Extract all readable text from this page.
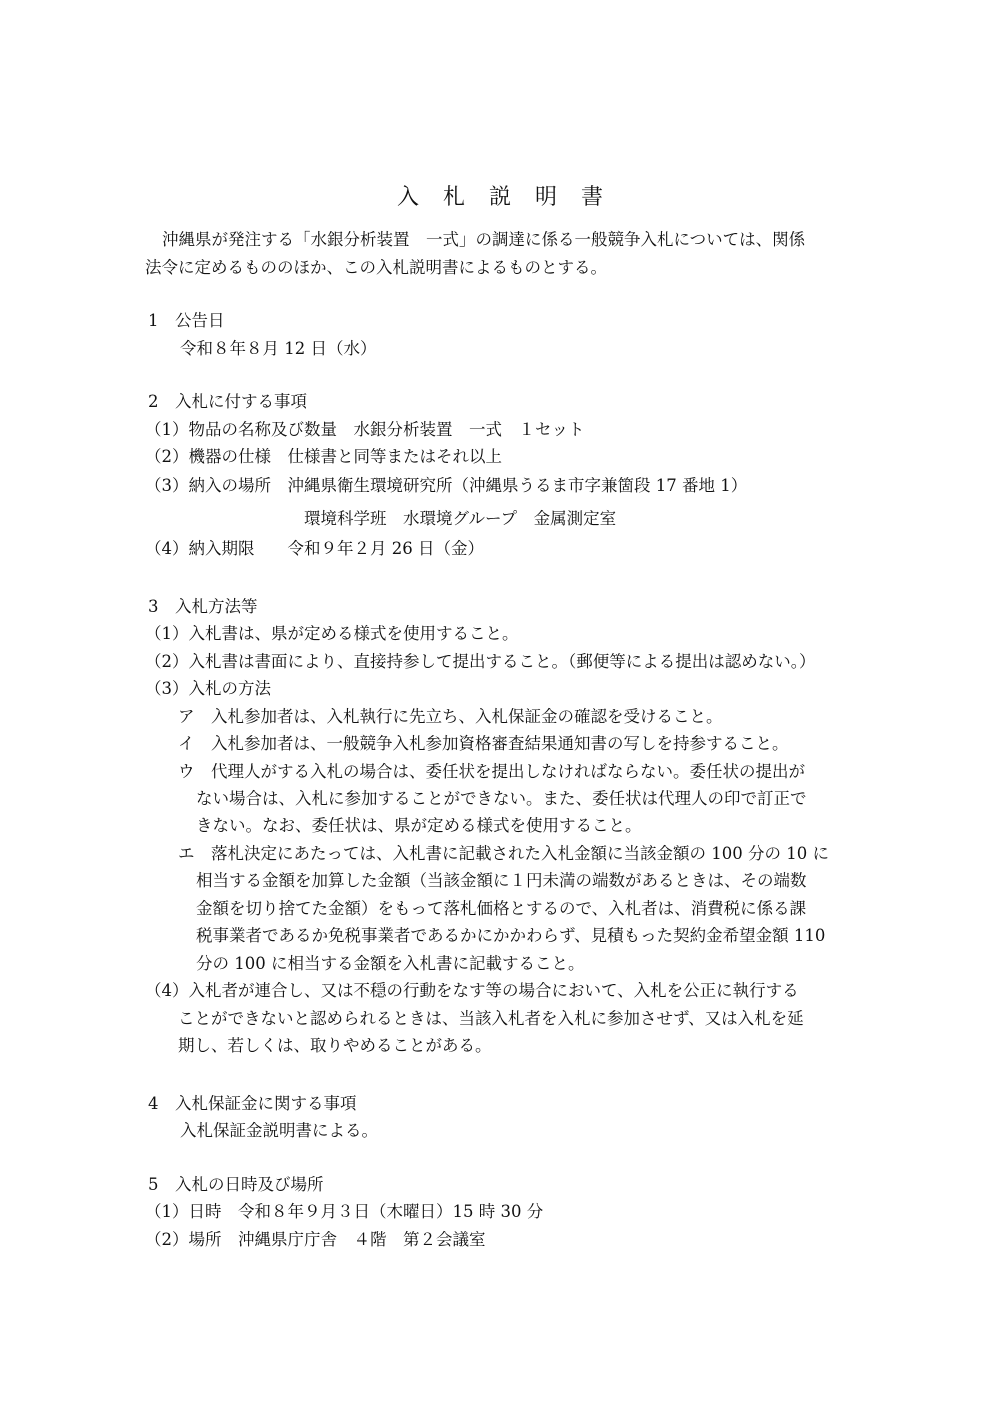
入札説明書
沖縄県が発注する「水銀分析装置　一式」の調達に係る一般競争入札については、関係
法令に定めるもののほか、この入札説明書によるものとする。
1　公告日
令和８年８月 12 日（水）
2　入札に付する事項
（1）物品の名称及び数量　水銀分析装置　一式　１セット
（2）機器の仕様　仕様書と同等またはそれ以上
（3）納入の場所　沖縄県衛生環境研究所（沖縄県うるま市字兼箇段 17 番地 1）
環境科学班　水環境グループ　金属測定室
（4）納入期限　　令和９年２月 26 日（金）
3　入札方法等
（1）入札書は、県が定める様式を使用すること。
（2）入札書は書面により、直接持参して提出すること。（郵便等による提出は認めない。）
（3）入札の方法
ア　入札参加者は、入札執行に先立ち、入札保証金の確認を受けること。
イ　入札参加者は、一般競争入札参加資格審査結果通知書の写しを持参すること。
ウ　代理人がする入札の場合は、委任状を提出しなければならない。委任状の提出が
ない場合は、入札に参加することができない。また、委任状は代理人の印で訂正で
きない。なお、委任状は、県が定める様式を使用すること。
エ　落札決定にあたっては、入札書に記載された入札金額に当該金額の 100 分の 10 に
相当する金額を加算した金額（当該金額に１円未満の端数があるときは、その端数
金額を切り捨てた金額）をもって落札価格とするので、入札者は、消費税に係る課
税事業者であるか免税事業者であるかにかかわらず、見積もった契約金希望金額 110
分の 100 に相当する金額を入札書に記載すること。
（4）入札者が連合し、又は不穏の行動をなす等の場合において、入札を公正に執行する
ことができないと認められるときは、当該入札者を入札に参加させず、又は入札を延
期し、若しくは、取りやめることがある。
4　入札保証金に関する事項
入札保証金説明書による。
5　入札の日時及び場所
（1）日時　令和８年９月３日（木曜日）15 時 30 分
（2）場所　沖縄県庁庁舎　４階　第２会議室
